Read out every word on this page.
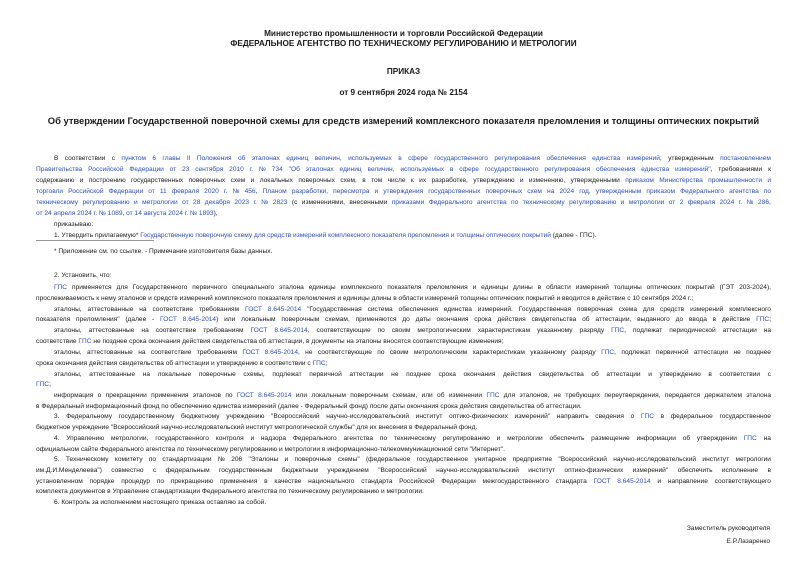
Министерство промышленности и торговли Российской Федерации
ФЕДЕРАЛЬНОЕ АГЕНТСТВО ПО ТЕХНИЧЕСКОМУ РЕГУЛИРОВАНИЮ И МЕТРОЛОГИИ
ПРИКАЗ
от 9 сентября 2024 года № 2154
Об утверждении Государственной поверочной схемы для средств измерений комплексного показателя преломления и толщины оптических покрытий
В соответствии с пунктом 6 главы II Положения об эталонах единиц величин, используемых в сфере государственного регулирования обеспечения единства измерений, утвержденным постановлением
Правительства Российской Федерации от 23 сентября 2010 г. № 734 "Об эталонах единиц величин, используемых в сфере государственного регулирования обеспечения единства измерений", требованиями к
содержанию и построению государственных поверочных схем и локальных поверочных схем, в том числе к их разработке, утверждению и изменению, утвержденными приказом Министерства промышленности и
торговли Российской Федерации от 11 февраля 2020 г. № 456, Планом разработки, пересмотра и утверждения государственных поверочных схем на 2024 год, утвержденным приказом Федерального агентства по
техническому регулированию и метрологии от 28 декабря 2023 г. № 2823 (с изменениями, внесенными приказами Федерального агентства по техническому регулированию и метрологии от 2 февраля 2024 г. № 286,
от 24 апреля 2024 г. № 1089, от 14 августа 2024 г. № 1893),
приказываю:
1. Утвердить прилагаемую* Государственную поверочную схему для средств измерений комплексного показателя преломления и толщины оптических покрытий (далее - ГПС).
* Приложение см. по ссылке. - Примечание изготовителя базы данных.
2. Установить, что:
ГПС применяется для Государственного первичного специального эталона единицы комплексного показателя преломления и единицы длины в области измерений толщины оптических покрытий (ГЭТ 203-2024),
прослеживаемость к нему эталонов и средств измерений комплексного показателя преломления и единицы длины в области измерений толщины оптических покрытий и вводится в действие с 10 сентября 2024 г.;
эталоны, аттестованные на соответствие требованиям ГОСТ 8.645-2014 "Государственная система обеспечения единства измерений. Государственная поверочная схема для средств измерений комплексного
показателя преломления" (далее - ГОСТ 8.645-2014) или локальным поверочным схемам, применяются до даты окончания срока действия свидетельства об аттестации, выданного до ввода в действие ГПС;
эталоны, аттестованные на соответствие требованиям ГОСТ 8.645-2014, соответствующие по своим метрологическим характеристикам указанному разряду ГПС, подлежат периодической аттестации на
соответствие ГПС не позднее срока окончания действия свидетельства об аттестации, в документы на эталоны вносятся соответствующие изменения;
эталоны, аттестованные на соответствие требованиям ГОСТ 8.645-2014, не соответствующие по своим метрологическим характеристикам указанному разряду ГПС, подлежат первичной аттестации не позднее
срока окончания действия свидетельства об аттестации и утверждению в соответствии с ГПС;
эталоны, аттестованные на локальные поверочные схемы, подлежат первичной аттестации не позднее срока окончания действия свидетельства об аттестации и утверждению в соответствии с
ГПС;
информация о прекращении применения эталонов по ГОСТ 8.645-2014 или локальным поверочным схемам, или об изменении ГПС для эталонов, не требующих переутверждения, передается держателем эталона
в Федеральный информационный фонд по обеспечению единства измерений (далее - Федеральный фонд) после даты окончания срока действия свидетельства об аттестации.
3. Федеральному государственному бюджетному учреждению "Всероссийский научно-исследовательский институт оптико-физических измерений" направить сведения о ГПС в федеральное государственное
бюджетное учреждение "Всероссийский научно-исследовательский институт метрологической службы" для их внесения в Федеральный фонд.
4. Управлению метрологии, государственного контроля и надзора Федерального агентства по техническому регулированию и метрологии обеспечить размещение информации об утверждении ГПС на
официальном сайте Федерального агентства по техническому регулированию и метрологии в информационно-телекоммуникационной сети "Интернет".
5. Техническому комитету по стандартизации № 206 "Эталоны и поверочные схемы" (федеральное государственное унитарное предприятие "Всероссийский научно-исследовательский институт метрологии
им.Д.И.Менделеева") совместно с федеральным государственным бюджетным учреждением "Всероссийский научно-исследовательский институт оптико-физических измерений" обеспечить исполнение в
установленном порядке процедур по прекращению применения в качестве национального стандарта Российской Федерации межгосударственного стандарта ГОСТ 8.645-2014 и направление соответствующего
комплекта документов в Управление стандартизации Федерального агентства по техническому регулированию и метрологии.
6. Контроль за исполнением настоящего приказа оставляю за собой.
Заместитель руководителя
Е.Р.Лазаренко
